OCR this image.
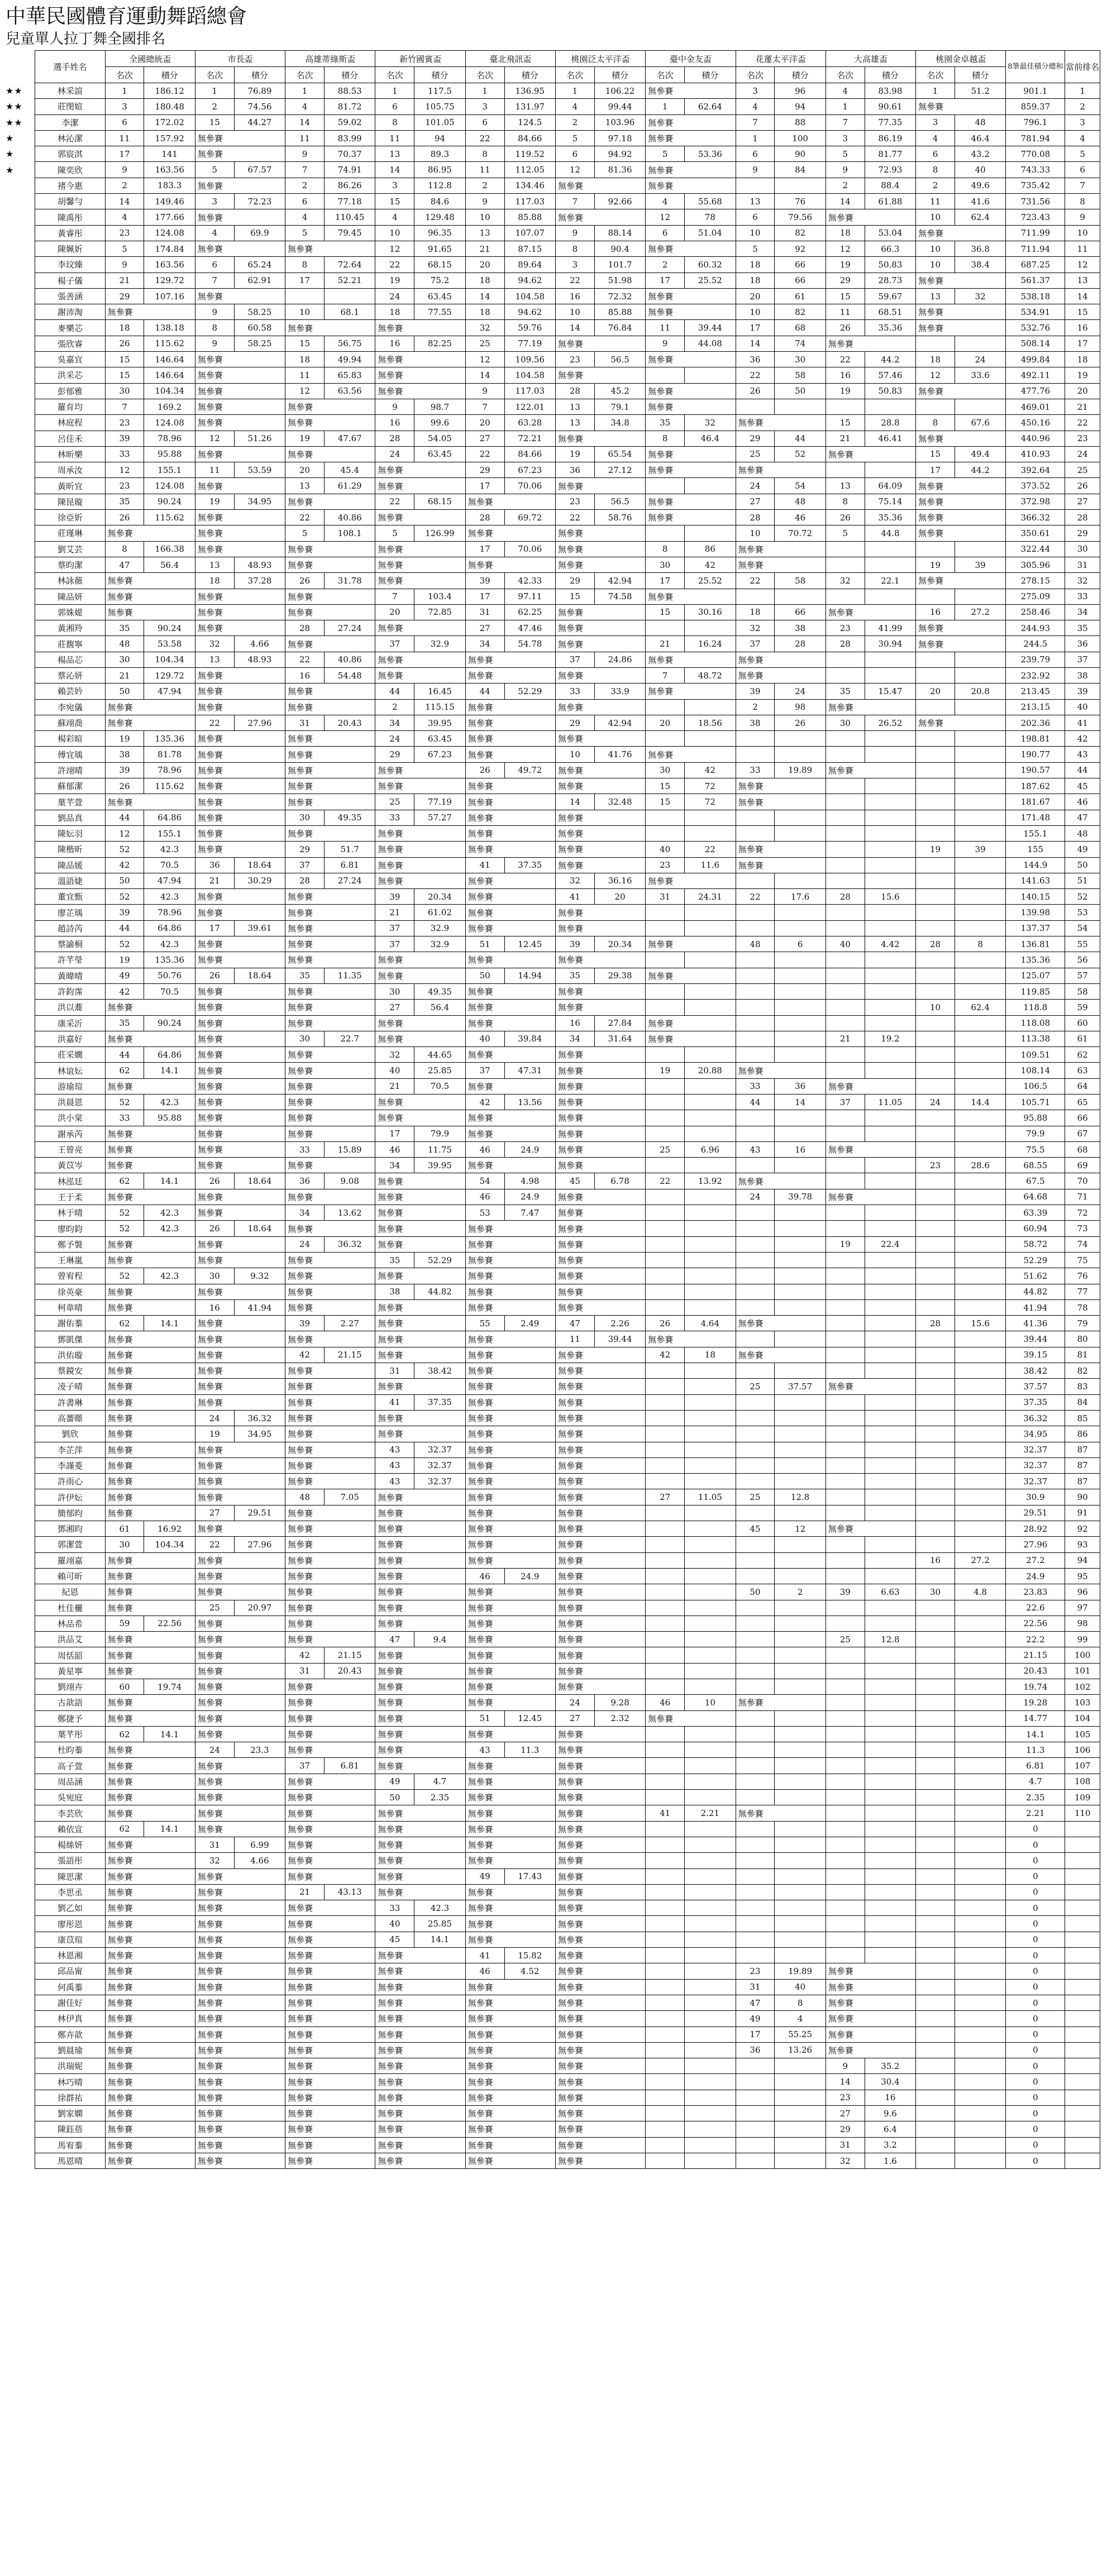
中華民國體育運動舞蹈總會
兒童單人拉丁舞全國排名
	選手姓名	全國總統盃		市長盃		高雄蒂綠斯盃		新竹國賓盃		臺北飛訊盃		桃園泛太平洋盃		臺中金友盃		花蓮太平洋盃		大高雄盃		桃園金卓越盃		8筆最佳積分總和	當前排名
		名次	積分	名次	積分	名次	積分	名次	積分	名次	積分	名次	積分	名次	積分	名次	積分	名次	積分	名次	積分		
★★	林采諠	1	186.12	1	76.89	1	88.53	1	117.5	1	136.95	1	106.22	無參賽		3	96	4	83.98	1	51.2	901.1	1
★★	莊閔媗	3	180.48	2	74.56	4	81.72	6	105.75	3	131.97	4	99.44	1	62.64	4	94	1	90.61	無參賽		859.37	2
★★	李潔	6	172.02	15	44.27	14	59.02	8	101.05	6	124.5	2	103.96	無參賽		7	88	7	77.35	3	48	796.1	3
★	林沁潔	11	157.92	無參賽		11	83.99	11	94	22	84.66	5	97.18	無參賽		1	100	3	86.19	4	46.4	781.94	4
★	郭宸淇	17	141	無參賽		9	70.37	13	89.3	8	119.52	6	94.92	5	53.36	6	90	5	81.77	6	43.2	770.08	5
★	陳奕欣	9	163.56	5	67.57	7	74.91	14	86.95	11	112.05	12	81.36	無參賽		9	84	9	72.93	8	40	743.33	6
	褚今惠	2	183.3	無參賽		2	86.26	3	112.8	2	134.46	無參賽		無參賽				2	88.4	2	49.6	735.42	7
	胡馨勻	14	149.46	3	72.23	6	77.18	15	84.6	9	117.03	7	92.66	4	55.68	13	76	14	61.88	11	41.6	731.56	8
	陳禹彤	4	177.66	無參賽		4	110.45	4	129.48	10	85.88	無參賽		12	78	6	79.56	無參賽		10	62.4	723.43	9
	黃睿彤	23	124.08	4	69.9	5	79.45	10	96.35	13	107.07	9	88.14	6	51.04	10	82	18	53.04	無參賽		711.99	10
	陳姵妡	5	174.84	無參賽		無參賽		12	91.65	21	87.15	8	90.4	無參賽		5	92	12	66.3	10	36.8	711.94	11
	李玟臻	9	163.56	6	65.24	8	72.64	22	68.15	20	89.64	3	101.7	2	60.32	18	66	19	50.83	10	38.4	687.25	12
	楊子儀	21	129.72	7	62.91	17	52.21	19	75.2	18	94.62	22	51.98	17	25.52	18	66	29	28.73	無參賽		561.37	13
	張善涵	29	107.16	無參賽				24	63.45	14	104.58	16	72.32	無參賽		20	61	15	59.67	13	32	538.18	14
	謝沛淘	無參賽		9	58.25	10	68.1	18	77.55	18	94.62	10	85.88	無參賽		10	82	11	68.51	無參賽		534.91	15
	麥樂芯	18	138.18	8	60.58	無參賽		無參賽		32	59.76	14	76.84	11	39.44	17	68	26	35.36	無參賽		532.76	16
	張欣睿	26	115.62	9	58.25	15	56.75	16	82.25	25	77.19	無參賽		9	44.08	14	74	無參賽				508.14	17
	吳嘉宜	15	146.64	無參賽		18	49.94	無參賽		12	109.56	23	56.5	無參賽		36	30	22	44.2	18	24	499.84	18
	洪采芯	15	146.64	無參賽		11	65.83	無參賽		14	104.58	無參賽				22	58	16	57.46	12	33.6	492.11	19
	彭郁雅	30	104.34	無參賽		12	63.56	無參賽		9	117.03	28	45.2	無參賽		26	50	19	50.83	無參賽		477.76	20
	羅育均	7	169.2	無參賽		無參賽		9	98.7	7	122.01	13	79.1	無參賽								469.01	21
	林庭程	23	124.08	無參賽		無參賽		16	99.6	20	63.28	13	34.8	35	32	無參賽		15	28.8	8	67.6	450.16	22
	呂佳禾	39	78.96	12	51.26	19	47.67	28	54.05	27	72.21	無參賽		8	46.4	29	44	21	46.41	無參賽		440.96	23
	林昕樂	33	95.88	無參賽		無參賽		24	63.45	22	84.66	19	65.54	無參賽		25	52	無參賽		15	49.4	410.93	24
	周承汝	12	155.1	11	53.59	20	45.4	無參賽		29	67.23	36	27.12	無參賽		無參賽				17	44.2	392.64	25
	黃昕宜	23	124.08	無參賽		13	61.29	無參賽		17	70.06	無參賽				24	54	13	64.09	無參賽		373.52	26
	陳昆璇	35	90.24	19	34.95	無參賽		22	68.15	無參賽		23	56.5	無參賽		27	48	8	75.14	無參賽		372.98	27
	徐亞妡	26	115.62	無參賽		22	40.86	無參賽		28	69.72	22	58.76	無參賽		28	46	26	35.36	無參賽		366.32	28
	莊瑾琳	無參賽		無參賽		5	108.1	5	126.99	無參賽		無參賽				10	70.72	5	44.8	無參賽		350.61	29
	劉艾芸	8	166.38	無參賽		無參賽		無參賽		17	70.06	無參賽		8	86	無參賽						322.44	30
	蔡昀潔	47	56.4	13	48.93	無參賽		無參賽		無參賽		無參賽		30	42	無參賽				19	39	305.96	31
	林詠薇	無參賽		18	37.28	26	31.78	無參賽		39	42.33	29	42.94	17	25.52	22	58	32	22.1	無參賽		278.15	32
	陳品妍	無參賽		無參賽		無參賽		7	103.4	17	97.11	15	74.58	無參賽								275.09	33
	郭姝媞	無參賽		無參賽		無參賽		20	72.85	31	62.25	無參賽		15	30.16	18	66	無參賽		16	27.2	258.46	34
	黃湘羚	35	90.24	無參賽		28	27.24	無參賽		27	47.46	無參賽				32	38	23	41.99	無參賽		244.93	35
	莊馥寧	48	53.58	32	4.66	無參賽		37	32.9	34	54.78	無參賽		21	16.24	37	28	28	30.94	無參賽		244.5	36
	楊品芯	30	104.34	13	48.93	22	40.86	無參賽		無參賽		37	24.86	無參賽		無參賽						239.79	37
	蔡沁妍	21	129.72	無參賽		16	54.48	無參賽		無參賽		無參賽		7	48.72	無參賽						232.92	38
	賴芸妗	50	47.94	無參賽		無參賽		44	16.45	44	52.29	33	33.9	無參賽		39	24	35	15.47	20	20.8	213.45	39
	李宛儀	無參賽		無參賽		無參賽		2	115.15	無參賽		無參賽				2	98	無參賽				213.15	40
	蘇翊喬	無參賽		22	27.96	31	20.43	34	39.95	無參賽		29	42.94	20	18.56	38	26	30	26.52	無參賽		202.36	41
	楊彩暄	19	135.36	無參賽		無參賽		24	63.45	無參賽		無參賽										198.81	42
	傅宜瑀	38	81.78	無參賽		無參賽		29	67.23	無參賽		10	41.76	無參賽								190.77	43
	許翊晴	39	78.96	無參賽		無參賽		無參賽		26	49.72	無參賽		30	42	33	19.89	無參賽				190.57	44
	蘇郁潔	26	115.62	無參賽		無參賽		無參賽		無參賽		無參賽		15	72	無參賽						187.62	45
	葉芊萱	無參賽		無參賽		無參賽		25	77.19	無參賽		14	32.48	15	72	無參賽						181.67	46
	劉品真	44	64.86	無參賽		30	49.35	33	57.27	無參賽		無參賽										171.48	47
	陳妘羽	12	155.1	無參賽		無參賽		無參賽		無參賽		無參賽										155.1	48
	陳楷昕	52	42.3	無參賽		29	51.7	無參賽		無參賽		無參賽		40	22	無參賽				19	39	155	49
	陳品媛	42	70.5	36	18.64	37	6.81	無參賽		41	37.35	無參賽		23	11.6	無參賽						144.9	50
	溫語婕	50	47.94	21	30.29	28	27.24	無參賽		無參賽		32	36.16	無參賽								141.63	51
	董宜甄	52	42.3	無參賽		無參賽		39	20.34	無參賽		41	20	31	24.31	22	17.6	28	15.6			140.15	52
	廖芷瑀	39	78.96	無參賽		無參賽		21	61.02	無參賽		無參賽										139.98	53
	趙詩芮	44	64.86	17	39.61	無參賽		37	32.9	無參賽		無參賽										137.37	54
	蔡諭桐	52	42.3	無參賽		無參賽		37	32.9	51	12.45	39	20.34	無參賽		48	6	40	4.42	28	8	136.81	55
	許芊瑩	19	135.36	無參賽		無參賽		無參賽		無參賽		無參賽										135.36	56
	黃暐晴	49	50.76	26	18.64	35	11.35	無參賽		50	14.94	35	29.38	無參賽								125.07	57
	許鈞霈	42	70.5	無參賽		無參賽		30	49.35	無參賽		無參賽										119.85	58
	洪以蕎	無參賽		無參賽		無參賽		27	56.4	無參賽		無參賽								10	62.4	118.8	59
	康采沂	35	90.24	無參賽		無參賽		無參賽		無參賽		16	27.84	無參賽								118.08	60
	洪嘉好	無參賽		無參賽		30	22.7	無參賽		40	39.84	34	31.64	無參賽				21	19.2			113.38	61
	莊采嫺	44	64.86	無參賽		無參賽		32	44.65	無參賽		無參賽										109.51	62
	林谊妘	62	14.1	無參賽		無參賽		40	25.85	37	47.31	無參賽		19	20.88	無參賽						108.14	63
	游瑜瑄	無參賽		無參賽		無參賽		21	70.5	無參賽		無參賽				33	36	無參賽				106.5	64
	洪晨恩	52	42.3	無參賽		無參賽		無參賽		42	13.56	無參賽				44	14	37	11.05	24	14.4	105.71	65
	洪小棠	33	95.88	無參賽		無參賽		無參賽		無參賽		無參賽										95.88	66
	謝承芮	無參賽		無參賽		無參賽		17	79.9	無參賽		無參賽										79.9	67
	王曾亮	無參賽		無參賽		33	15.89	46	11.75	46	24.9	無參賽		25	6.96	43	16	無參賽				75.5	68
	黃苡岑	無參賽		無參賽		無參賽		34	39.95	無參賽		無參賽								23	28.6	68.55	69
	林泓廷	62	14.1	26	18.64	36	9.08	無參賽		54	4.98	45	6.78	22	13.92	無參賽						67.5	70
	王于柔	無參賽		無參賽		無參賽		無參賽		46	24.9	無參賽				24	39.78	無參賽				64.68	71
	林于晴	52	42.3	無參賽		34	13.62	無參賽		53	7.47	無參賽										63.39	72
	廖昀鈞	52	42.3	26	18.64	無參賽		無參賽		無參賽		無參賽										60.94	73
	鄭予褩	無參賽		無參賽		24	36.32	無參賽		無參賽		無參賽						19	22.4			58.72	74
	王琳嵐	無參賽		無參賽		無參賽		35	52.29	無參賽		無參賽										52.29	75
	曾宥程	52	42.3	30	9.32	無參賽		無參賽		無參賽		無參賽										51.62	76
	徐英豪	無參賽		無參賽		無參賽		38	44.82	無參賽		無參賽										44.82	77
	柯韋晴	無參賽		16	41.94	無參賽		無參賽		無參賽		無參賽										41.94	78
	謝佑蓁	62	14.1	無參賽		39	2.27	無參賽		55	2.49	47	2.26	26	4.64	無參賽				28	15.6	41.36	79
	鄧凱傑	無參賽		無參賽		無參賽		無參賽		無參賽		11	39.44	無參賽								39.44	80
	洪佑璇	無參賽		無參賽		42	21.15	無參賽		無參賽		無參賽		42	18	無參賽						39.15	81
	蔡鏡安	無參賽		無參賽		無參賽		31	38.42	無參賽		無參賽										38.42	82
	凌子晴	無參賽		無參賽		無參賽		無參賽		無參賽		無參賽				25	37.57	無參賽				37.57	83
	許書琳	無參賽		無參賽		無參賽		41	37.35	無參賽		無參賽										37.35	84
	高薔暻	無參賽		24	36.32	無參賽		無參賽		無參賽		無參賽										36.32	85
	劉欣	無參賽		19	34.95	無參賽		無參賽		無參賽		無參賽										34.95	86
	李芷萍	無參賽		無參賽		無參賽		43	32.37	無參賽		無參賽										32.37	87
	李謹菱	無參賽		無參賽		無參賽		43	32.37	無參賽		無參賽										32.37	87
	許雨心	無參賽		無參賽		無參賽		43	32.37	無參賽		無參賽										32.37	87
	許伊妘	無參賽		無參賽		48	7.05	無參賽		無參賽		無參賽		27	11.05	25	12.8					30.9	90
	簡郁昀	無參賽		27	29.51	無參賽		無參賽		無參賽		無參賽										29.51	91
	鄧湘昀	61	16.92	無參賽		無參賽		無參賽		無參賽		無參賽				45	12	無參賽				28.92	92
	郭潔萱	30	104.34	22	27.96	無參賽		無參賽		無參賽		無參賽										27.96	93
	羅翊嘉	無參賽		無參賽		無參賽		無參賽		無參賽		無參賽								16	27.2	27.2	94
	賴可昕	無參賽		無參賽		無參賽		無參賽		46	24.9	無參賽										24.9	95
	紀恩	無參賽		無參賽		無參賽		無參賽		無參賽		無參賽				50	2	39	6.63	30	4.8	23.83	96
	杜佳欐	無參賽		25	20.97	無參賽		無參賽		無參賽		無參賽										22.6	97
	林品希	59	22.56	無參賽		無參賽		無參賽		無參賽		無參賽										22.56	98
	洪品艾	無參賽		無參賽		無參賽		47	9.4	無參賽		無參賽						25	12.8			22.2	99
	周恬韶	無參賽		無參賽		42	21.15	無參賽		無參賽		無參賽										21.15	100
	黃星寧	無參賽		無參賽		31	20.43	無參賽		無參賽		無參賽										20.43	101
	劉翊卉	60	19.74	無參賽		無參賽		無參賽		無參賽		無參賽										19.74	102
	古歆語	無參賽		無參賽		無參賽		無參賽		無參賽		24	9.28	46	10	無參賽						19.28	103
	鄭捷予	無參賽		無參賽		無參賽		無參賽		51	12.45	27	2.32	無參賽								14.77	104
	葉芊彤	62	14.1	無參賽		無參賽		無參賽		無參賽		無參賽										14.1	105
	杜昀蓁	無參賽		24	23.3	無參賽		無參賽		43	11.3	無參賽										11.3	106
	高子萱	無參賽		無參賽		37	6.81	無參賽		無參賽		無參賽										6.81	107
	周品涵	無參賽		無參賽		無參賽		49	4.7	無參賽		無參賽										4.7	108
	吳宛庭	無參賽		無參賽		無參賽		50	2.35	無參賽		無參賽										2.35	109
	李芸欣	無參賽		無參賽		無參賽		無參賽		無參賽		無參賽		41	2.21	無參賽						2.21	110
	賴依宣	62	14.1	無參賽		無參賽		無參賽		無參賽		無參賽										0	
	楊絲妍	無參賽		31	6.99	無參賽		無參賽		無參賽		無參賽										0	
	張語彤	無參賽		32	4.66	無參賽		無參賽		無參賽		無參賽										0	
	陳思潔	無參賽		無參賽		無參賽		無參賽		49	17.43	無參賽										0	
	李思丞	無參賽		無參賽		21	43.13	無參賽		無參賽		無參賽										0	
	劉乙如	無參賽		無參賽		無參賽		33	42.3	無參賽		無參賽										0	
	廖彤恩	無參賽		無參賽		無參賽		40	25.85	無參賽		無參賽										0	
	康苡瑄	無參賽		無參賽		無參賽		45	14.1	無參賽		無參賽										0	
	林恩湘	無參賽		無參賽		無參賽		無參賽		41	15.82	無參賽										0	
	邱品甯	無參賽		無參賽		無參賽		無參賽		46	4.52	無參賽				23	19.89	無參賽				0	
	何禹蓁	無參賽		無參賽		無參賽		無參賽		無參賽		無參賽				31	40	無參賽				0	
	謝佳好	無參賽		無參賽		無參賽		無參賽		無參賽		無參賽				47	8	無參賽				0	
	林伊真	無參賽		無參賽		無參賽		無參賽		無參賽		無參賽				49	4	無參賽				0	
	鄭卉歆	無參賽		無參賽		無參賽		無參賽		無參賽		無參賽				17	55.25	無參賽				0	
	劉晨瑜	無參賽		無參賽		無參賽		無參賽		無參賽		無參賽				36	13.26	無參賽				0	
	洪瑞妮	無參賽		無參賽		無參賽		無參賽		無參賽		無參賽						9	35.2			0	
	林巧晴	無參賽		無參賽		無參賽		無參賽		無參賽		無參賽						14	30.4			0	
	徐群祐	無參賽		無參賽		無參賽		無參賽		無參賽		無參賽						23	16			0	
	劉家嫻	無參賽		無參賽		無參賽		無參賽		無參賽		無參賽						27	9.6			0	
	陳鈺蓓	無參賽		無參賽		無參賽		無參賽		無參賽		無參賽						29	6.4			0	
	馬宥蓁	無參賽		無參賽		無參賽		無參賽		無參賽		無參賽						31	3.2			0	
	馬恩晴	無參賽		無參賽		無參賽		無參賽		無參賽		無參賽						32	1.6			0	
